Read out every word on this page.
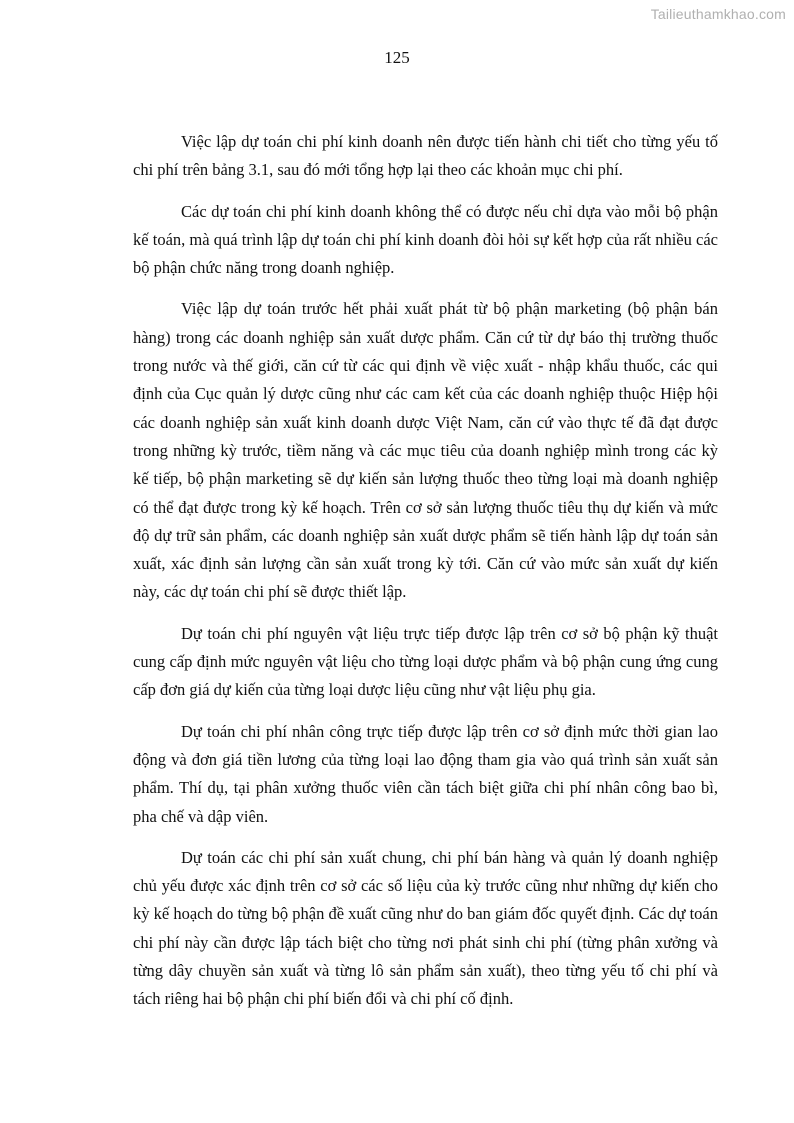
Tailieuthamkhao.com
125

Việc lập dự toán chi phí kinh doanh nên được tiến hành chi tiết cho từng yếu tố chi phí trên bảng 3.1, sau đó mới tổng hợp lại theo các khoản mục chi phí.

Các dự toán chi phí kinh doanh không thể có được nếu chỉ dựa vào mỗi bộ phận kế toán, mà quá trình lập dự toán chi phí kinh doanh đòi hỏi sự kết hợp của rất nhiều các bộ phận chức năng trong doanh nghiệp.

Việc lập dự toán trước hết phải xuất phát từ bộ phận marketing (bộ phận bán hàng) trong các doanh nghiệp sản xuất dược phẩm. Căn cứ từ dự báo thị trường thuốc trong nước và thế giới, căn cứ từ các qui định về việc xuất - nhập khẩu thuốc, các qui định của Cục quản lý dược cũng như các cam kết của các doanh nghiệp thuộc Hiệp hội các doanh nghiệp sản xuất kinh doanh dược Việt Nam, căn cứ vào thực tế đã đạt được trong những kỳ trước, tiềm năng và các mục tiêu của doanh nghiệp mình trong các kỳ kế tiếp, bộ phận marketing sẽ dự kiến sản lượng thuốc theo từng loại mà doanh nghiệp có thể đạt được trong kỳ kế hoạch. Trên cơ sở sản lượng thuốc tiêu thụ dự kiến và mức độ dự trữ sản phẩm, các doanh nghiệp sản xuất dược phẩm sẽ tiến hành lập dự toán sản xuất, xác định sản lượng cần sản xuất trong kỳ tới. Căn cứ vào mức sản xuất dự kiến này, các dự toán chi phí sẽ được thiết lập.

Dự toán chi phí nguyên vật liệu trực tiếp được lập trên cơ sở bộ phận kỹ thuật cung cấp định mức nguyên vật liệu cho từng loại dược phẩm và bộ phận cung ứng cung cấp đơn giá dự kiến của từng loại dược liệu cũng như vật liệu phụ gia.

Dự toán chi phí nhân công trực tiếp được lập trên cơ sở định mức thời gian lao động và đơn giá tiền lương của từng loại lao động tham gia vào quá trình sản xuất sản phẩm. Thí dụ, tại phân xưởng thuốc viên cần tách biệt giữa chi phí nhân công bao bì, pha chế và dập viên.

Dự toán các chi phí sản xuất chung, chi phí bán hàng và quản lý doanh nghiệp chủ yếu được xác định trên cơ sở các số liệu của kỳ trước cũng như những dự kiến cho kỳ kế hoạch do từng bộ phận đề xuất cũng như do ban giám đốc quyết định. Các dự toán chi phí này cần được lập tách biệt cho từng nơi phát sinh chi phí (từng phân xưởng và từng dây chuyền sản xuất và từng lô sản phẩm sản xuất), theo từng yếu tố chi phí và tách riêng hai bộ phận chi phí biến đổi và chi phí cố định.
